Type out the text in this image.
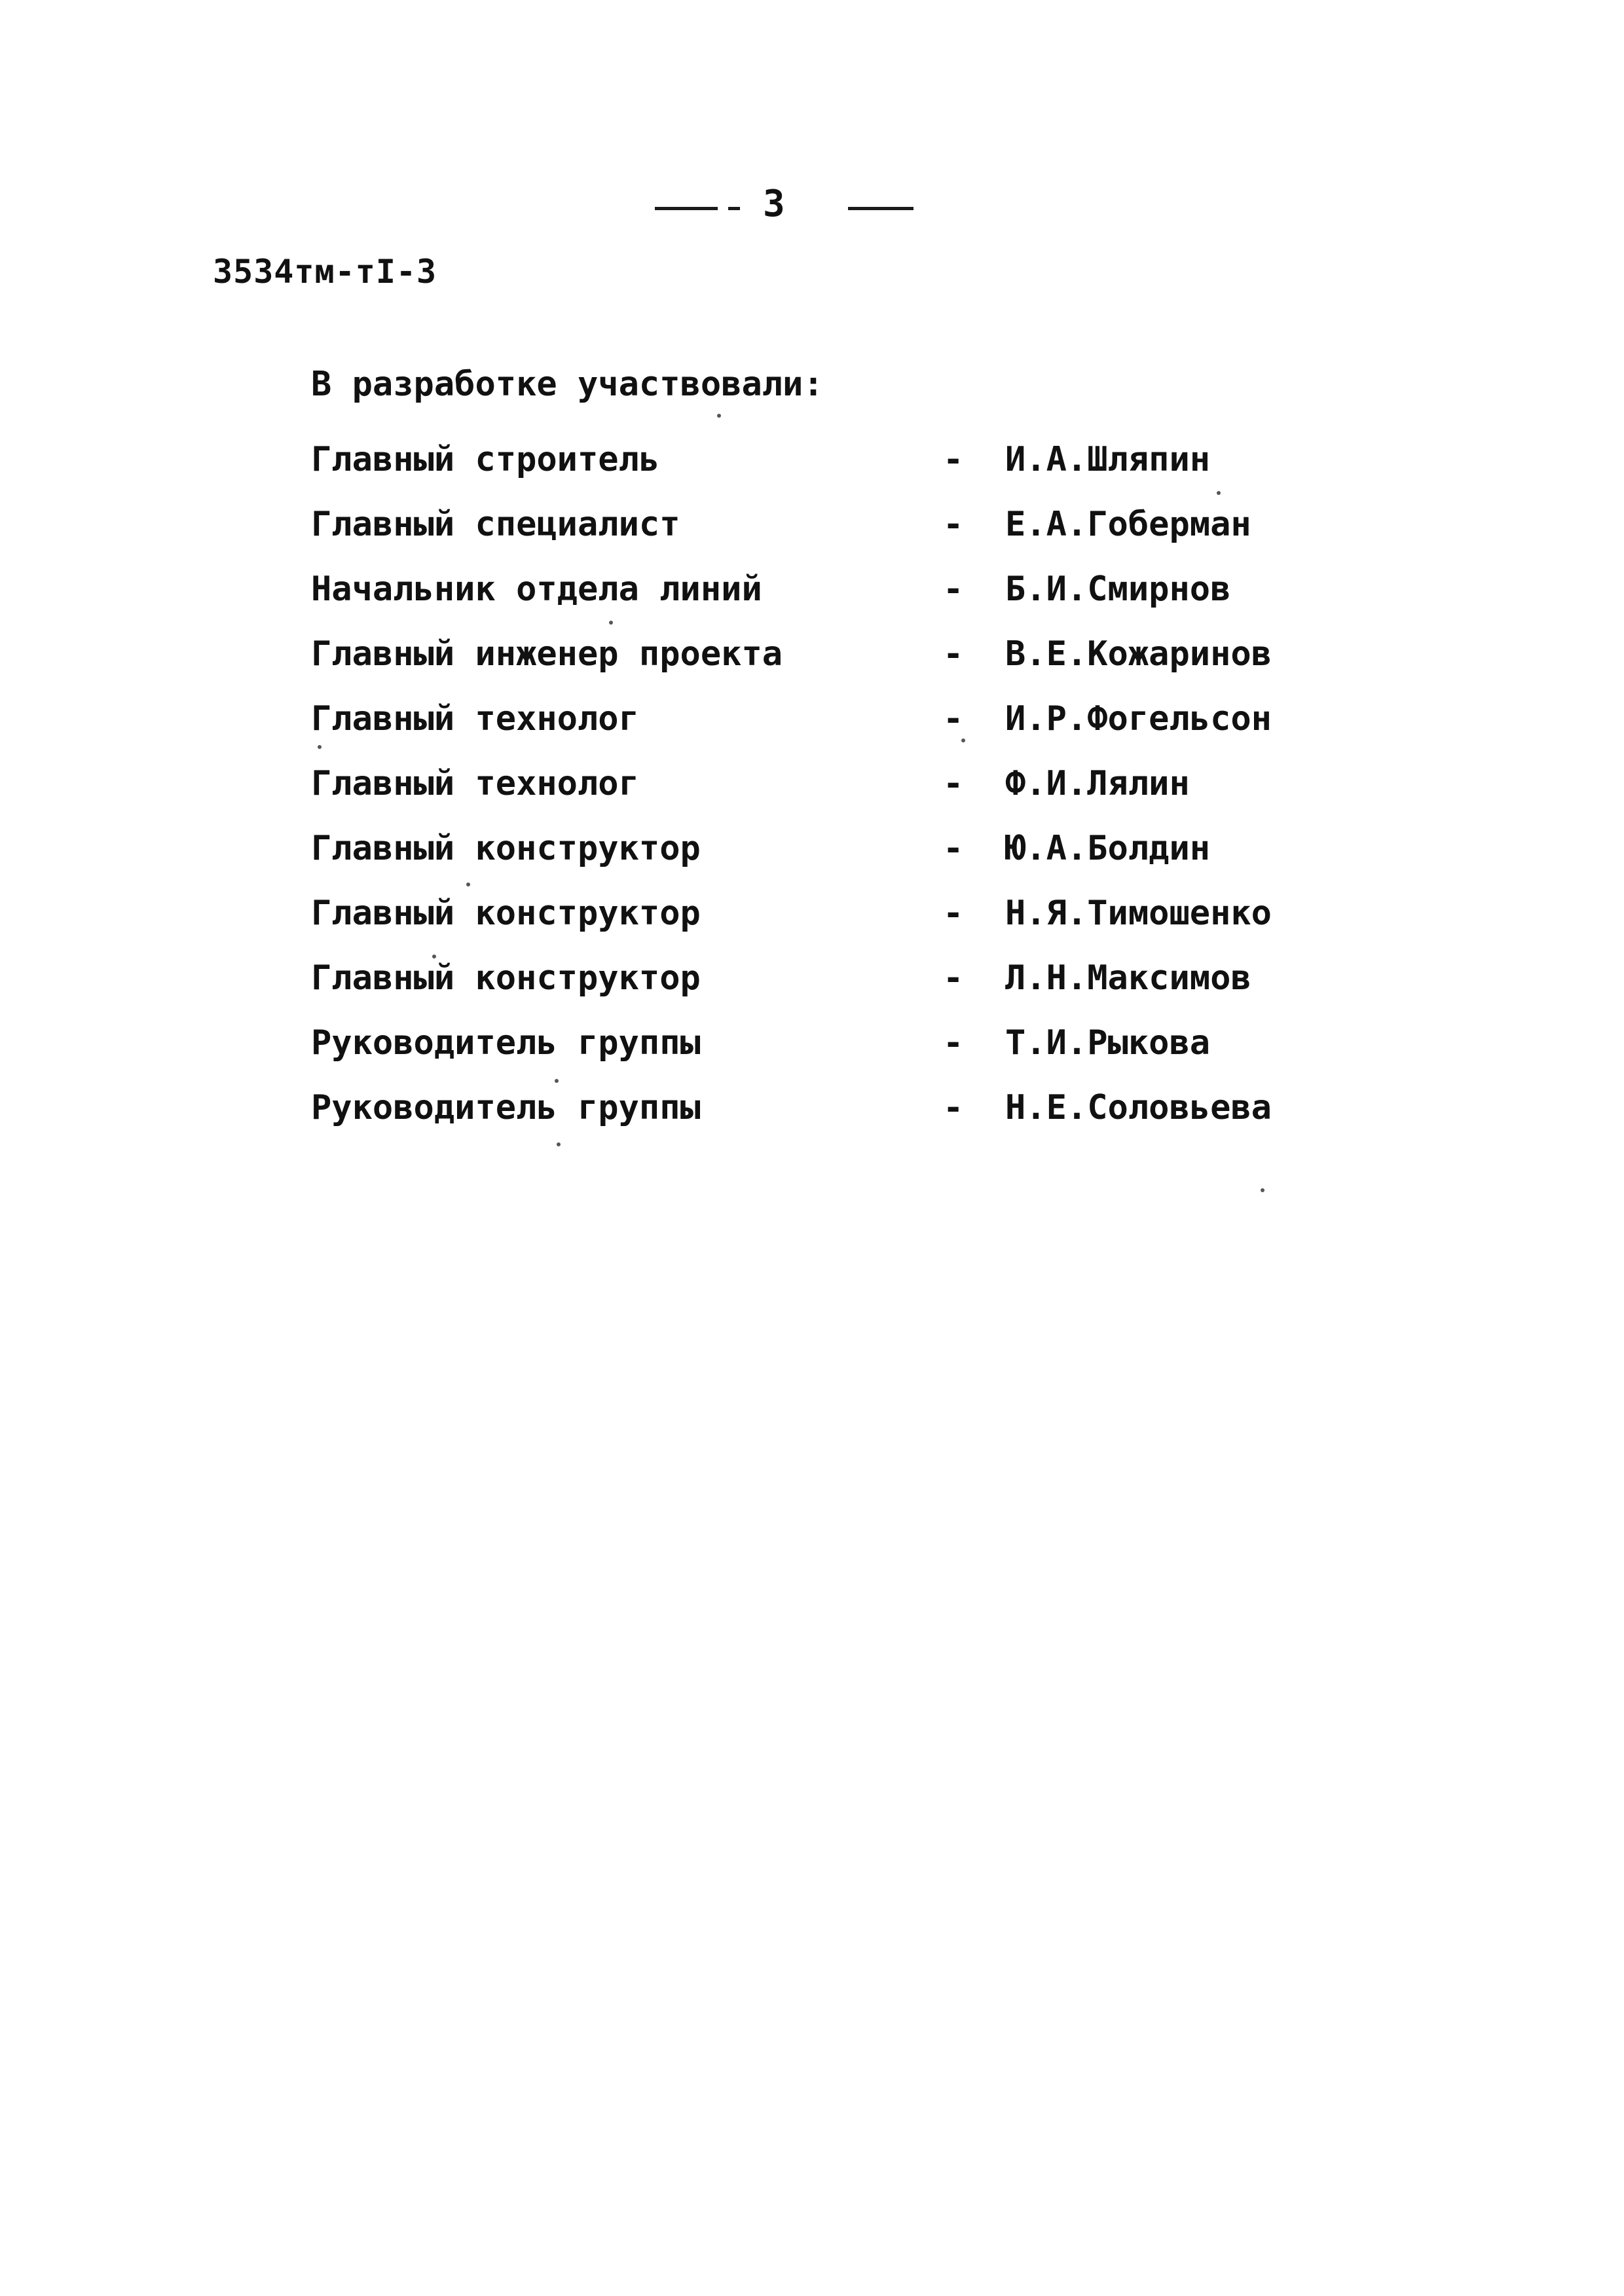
3
3534тм-тI-3
В разработке участвовали:
Главный строитель	- И.А.Шляпин
Главный специалист	- Е.А.Гоберман
Начальник отдела линий	- Б.И.Смирнов
Главный инженер проекта	- В.Е.Кожаринов
Главный технолог	- И.Р.Фогельсон
Главный технолог	- Ф.И.Лялин
Главный конструктор	- Ю.А.Болдин
Главный конструктор	- Н.Я.Тимошенко
Главный конструктор	- Л.Н.Максимов
Руководитель группы	- Т.И.Рыкова
Руководитель группы	- Н.Е.Соловьева
